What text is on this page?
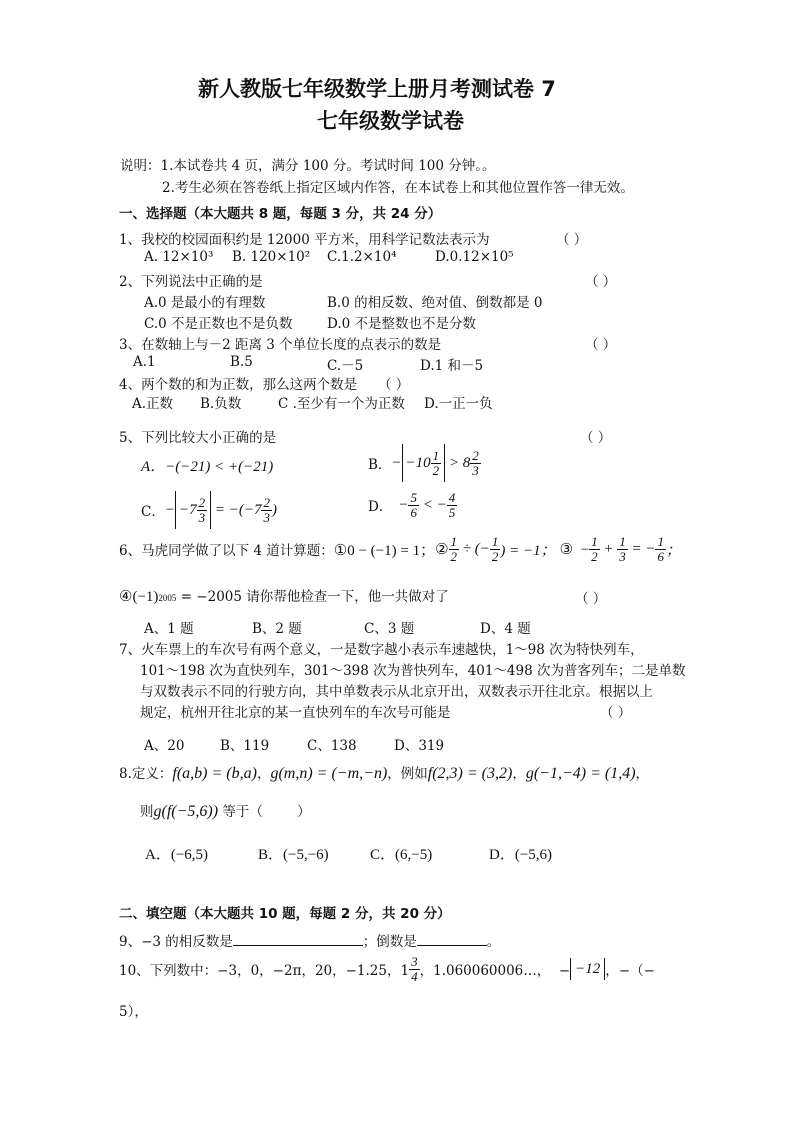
新人教版七年级数学上册月考测试卷 7
七年级数学试卷
说明：1.本试卷共 4 页，满分 100 分。考试时间 100 分钟。。
2.考生必须在答卷纸上指定区域内作答，在本试卷上和其他位置作答一律无效。
一、选择题（本大题共 8 题，每题 3 分，共 24 分）
1、我校的校园面积约是 12000 平方米，用科学记数法表示为	（ ）
A. 12×10³ B. 120×10² C.1.2×10⁴	D.0.12×10⁵
2、下列说法中正确的是	（ ）
A.0 是最小的有理数	B.0 的相反数、绝对值、倒数都是 0
C.0 不是正数也不是负数	D.0 不是整数也不是分数
3、在数轴上与－2 距离 3 个单位长度的点表示的数是	（ ）
A.1	B.5	C.－5	D.1 和－5
4、两个数的和为正数，那么这两个数是 （ ）
A.正数 B.负数	C .至少有一个为正数 D.一正一负
5、下列比较大小正确的是	（ ）
A．−(−21) < +(−21)	B． − $-10 \frac{1}{2} > 8 \frac{2}{3}$
C． − $-7 \frac{2}{3} = -(-7 \frac{2}{3}$ )	D． − $\frac{5}{6}$ < − $\frac{4}{5}$
6、马虎同学做了以下 4 道计算题： ①0 − (−1) = 1； ② $\frac{1}{2}$ ÷ (− $\frac{1}{2}$ ) = −1； ③  − $\frac{1}{2} + \frac{1}{3}$ = − $\frac{1}{6}$ ；
④(−1) 2005 = −2005 请你帮他检查一下，他一共做对了	（ ）
A、1 题	B、2 题	C、3 题	D、4 题
7、火车票上的车次号有两个意义，一是数字越小表示车速越快，1～98 次为特快列车，
101～198 次为直快列车，301～398 次为普快列车，401～498 次为普客列车；二是单数
与双数表示不同的行驶方向，其中单数表示从北京开出，双数表示开往北京。根据以上
规定，杭州开往北京的某一直快列车的车次号可能是	（ ）
A、20	B、119	C、138	D、319
8.定义： f(a,b) = (b,a) ， g(m,n) = (−m,−n) ， 例如 f(2,3) = (3,2) ， g(−1,−4) = (1,4) ，
则 g(f(−5,6)) 等于（        ）
A．(−6,5)	B．(−5,−6)	C．(6,−5)	D．(−5,6)
二、填空题（本大题共 10 题，每题 2 分，共 20 分）
9、−3 的相反数是	；倒数是	。
10、下列数中：−3，0，−2π，20，−1.25，$1 \frac{3}{4}$ ，1.060060006…，  − −12 ，−（−
5），
